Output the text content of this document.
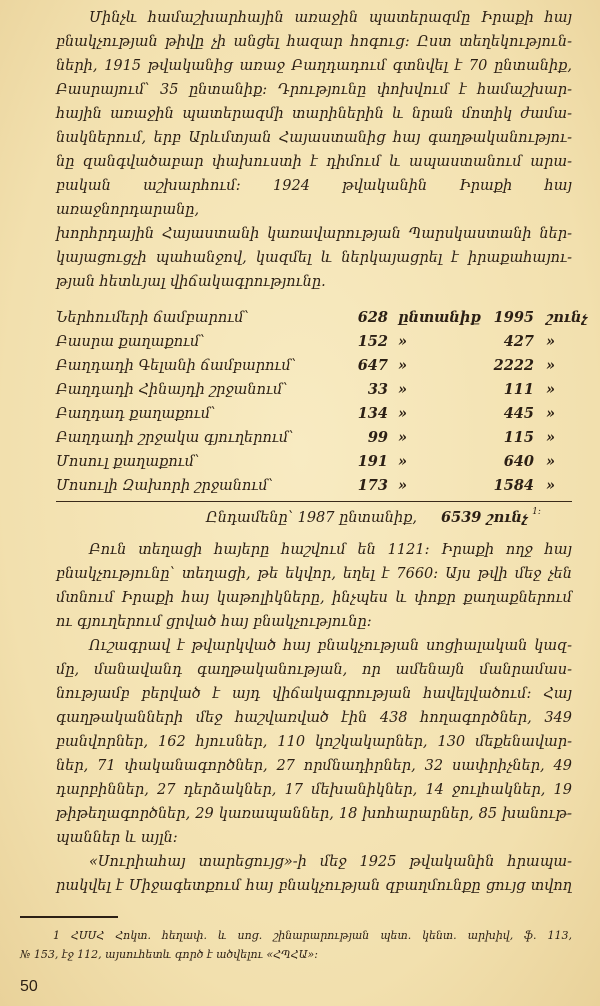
Մինչև համաշխարհային առաջին պատերազմը Իրաքի հայ
բնակչության թիվը չի անցել հազար հոգուց։ Ըստ տեղեկություն-
ների, 1915 թվականից առաջ Բաղդադում գտնվել է 70 ընտանիք,
Բասրայում՝ 35 ընտանիք։ Դրությունը փոխվում է համաշխար-
հային առաջին պատերազմի տարիներին և նրան մոտիկ ժամա-
նակներում, երբ Արևմտյան Հայաստանից հայ գաղթականությու-
նը զանգվածաբար փախուստի է դիմում և ապաստանում արա-
բական աշխարհում։ 1924 թվականին Իրաքի հայ առաջնորդարանը,
խորհրդային Հայաստանի կառավարության Պարսկաստանի ներ-
կայացուցչի պահանջով, կազմել և ներկայացրել է իրաքահայու-
թյան հետևյալ վիճակագրությունը.
Ներհումերի ճամբարում՝	628 ընտանիք 1995 շունչ
Բասրա քաղաքում՝	152 »	427 »
Բաղդադի Գելանի ճամբարում՝	647 »	2222 »
Բաղդադի Հինայդի շրջանում՝	33 »	111 »
Բաղդադ քաղաքում՝	134 »	445 »
Բաղդադի շրջակա գյուղերում՝	99 »	115 »
Մոսուլ քաղաքում՝	191 »	640 »
Մոսուլի Զախորի շրջանում՝	173 »	1584 »
Ընդամենը՝ 1987 ընտանիք, 6539 շունչ 1։
Բուն տեղացի հայերը հաշվում են 1121։ Իրաքի ողջ հայ
բնակչությունը՝ տեղացի, թե եկվոր, եղել է 7660։ Այս թվի մեջ չեն
մտնում Իրաքի հայ կաթոլիկները, ինչպես և փոքր քաղաքներում
ու գյուղերում ցրված հայ բնակչությունը։
Ուշագրավ է թվարկված հայ բնակչության սոցիալական կազ-
մը, մանավանդ գաղթականության, որ ամենայն մանրամաս-
նությամբ բերված է այդ վիճակագրության հավելվածում։ Հայ
գաղթականների մեջ հաշվառված էին 438 հողագործներ, 349
բանվորներ, 162 հյուսներ, 110 կոշկակարներ, 130 մեքենավար-
ներ, 71 փականագործներ, 27 որմնադիրներ, 32 սափրիչներ, 49
դարբիններ, 27 դերձակներ, 17 մեխանիկներ, 14 ջուլհակներ, 19
թիթեղագործներ, 29 կառապաններ, 18 խոհարարներ, 85 խանութ-
պաններ և այլն։
«Սուրիահայ տարեցույց»-ի մեջ 1925 թվականին հրապա-
րակվել է Միջագետքում հայ բնակչության զբաղմունքը ցույց տվող
1 ՀՍՍՀ Հոկտ. հեղափ. և սոց. շինարարության պետ. կենտ. արխիվ, ֆ. 113,
№ 153, էջ 112, այսուհետև գործ է ածվելու «ՀՊՀԱ»։
50
